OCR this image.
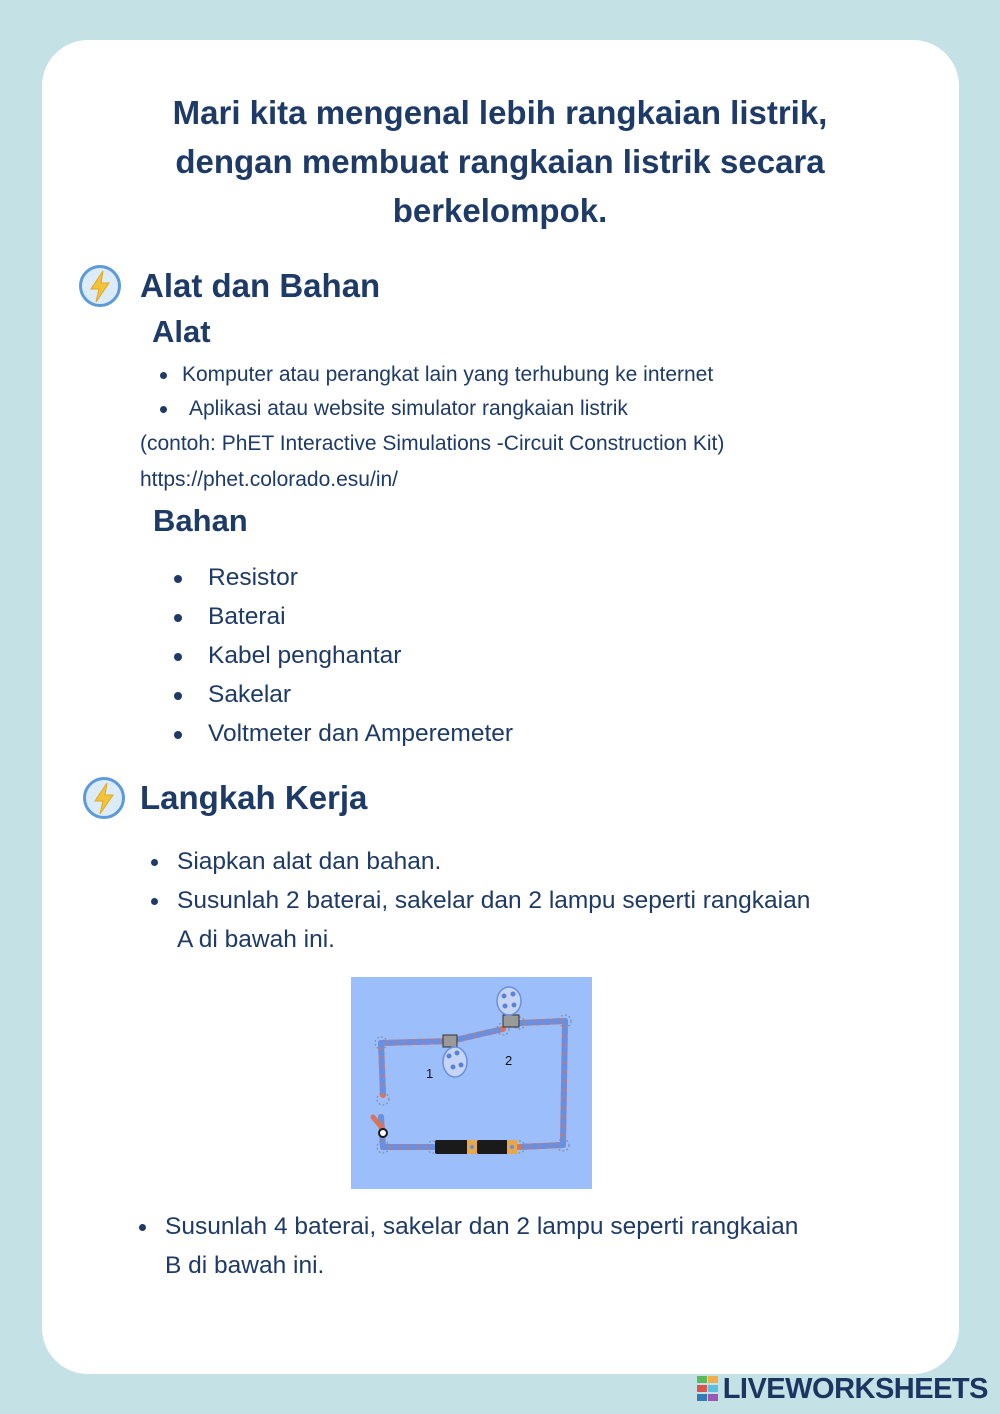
Mari kita mengenal lebih rangkaian listrik,
dengan membuat rangkaian listrik secara
berkelompok.
Alat dan Bahan
Alat
Komputer atau perangkat lain yang terhubung ke internet
Aplikasi atau website simulator rangkaian listrik
(contoh: PhET Interactive Simulations -Circuit Construction Kit)
https://phet.colorado.esu/in/
Bahan
Resistor
Baterai
Kabel penghantar
Sakelar
Voltmeter dan Amperemeter
Langkah Kerja
Siapkan alat dan bahan.
Susunlah 2 baterai, sakelar dan 2 lampu seperti rangkaian
A di bawah ini.
1
2
Susunlah 4 baterai, sakelar dan 2 lampu seperti rangkaian
B di bawah ini.
LIVEWORKSHEETS
